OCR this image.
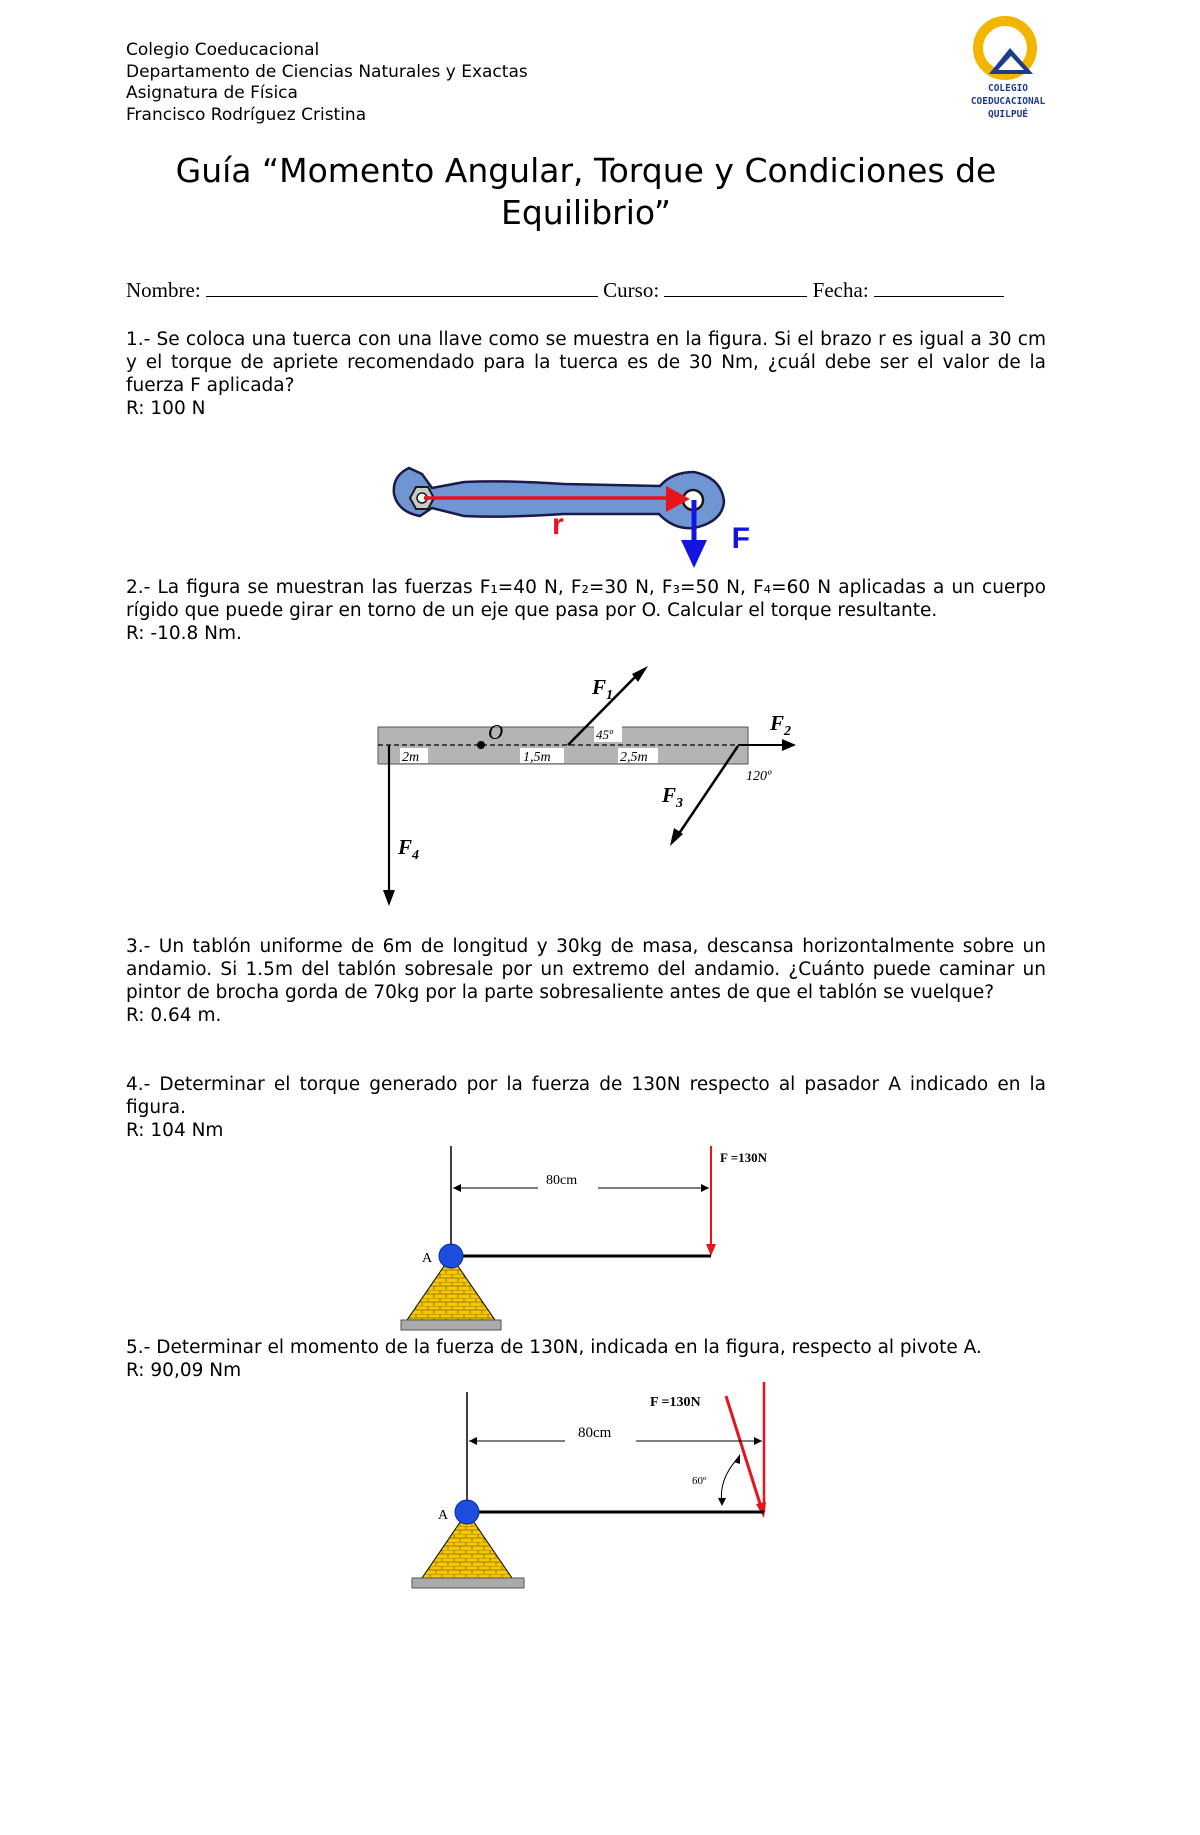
Colegio Coeducacional
Departamento de Ciencias Naturales y Exactas
Asignatura de Física
Francisco Rodríguez Cristina
COLEGIO
COEDUCACIONAL
QUILPUÉ
Guía “Momento Angular, Torque y Condiciones de Equilibrio”
Nombre:	Curso:	Fecha:

1.- Se coloca una tuerca con una llave como se muestra en la figura. Si el brazo r es igual a 30 cm y el torque de apriete recomendado para la tuerca es de 30 Nm, ¿cuál debe ser el valor de la fuerza F aplicada?

R: 100 N

r	F

2.- La figura se muestran las fuerzas F₁=40 N, F₂=30 N, F₃=50 N, F₄=60 N aplicadas a un cuerpo rígido que puede girar en torno de un eje que pasa por O. Calcular el torque resultante.

R: -10.8 Nm.

O
2m	1,5m	2,5m
45º
$F_1$
$F_2$
120º
$F_3$
$F_4$

3.- Un tablón uniforme de 6m de longitud y 30kg de masa, descansa horizontalmente sobre un andamio. Si 1.5m del tablón sobresale por un extremo del andamio. ¿Cuánto puede caminar un pintor de brocha gorda de 70kg por la parte sobresaliente antes de que el tablón se vuelque?

R: 0.64 m.

4.- Determinar el torque generado por la fuerza de 130N respecto al pasador A indicado en la figura.

R: 104 Nm

F =130N
80cm
A

5.- Determinar el momento de la fuerza de 130N, indicada en la figura, respecto al pivote A.

R: 90,09 Nm

F =130N
80cm
60º
A
